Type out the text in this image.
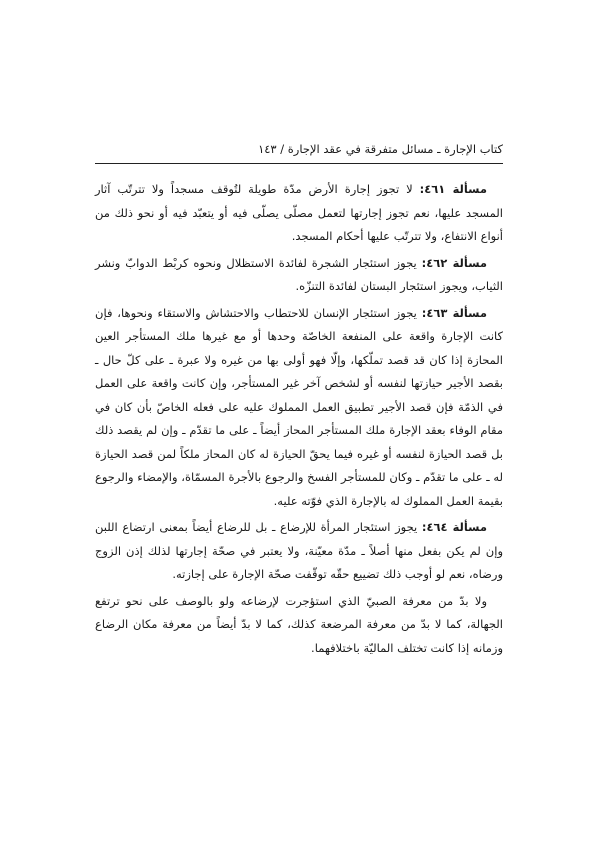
كتاب الإجارة ـ مسائل متفرقة في عقد الإجارة / ١٤٣

مسألة ٤٦١: لا تجوز إجارة الأرض مدّة طويلة لتُوقف مسجداً ولا تترتّب آثار المسجد عليها، نعم تجوز إجارتها لتعمل مصلّى يصلّى فيه أو يتعبّد فيه أو نحو ذلك من أنواع الانتفاع، ولا تترتّب عليها أحكام المسجد.

مسألة ٤٦٢: يجوز استئجار الشجرة لفائدة الاستظلال ونحوه كربْط الدوابّ ونشر الثياب، ويجوز استئجار البستان لفائدة التنزّه.

مسألة ٤٦٣: يجوز استئجار الإنسان للاحتطاب والاحتشاش والاستقاء ونحوها، فإن كانت الإجارة واقعة على المنفعة الخاصّة وحدها أو مع غيرها ملك المستأجر العين المحازة إذا كان قد قصد تملّكها، وإلّا فهو أولى بها من غيره ولا عبرة ـ على كلّ حال ـ بقصد الأجير حيازتها لنفسه أو لشخص آخر غير المستأجر، وإن كانت واقعة على العمل في الذمّة فإن قصد الأجير تطبيق العمل المملوك عليه على فعله الخاصّ بأن كان في مقام الوفاء بعقد الإجارة ملك المستأجر المحاز أيضاً ـ على ما تقدّم ـ وإن لم يقصد ذلك بل قصد الحيازة لنفسه أو غيره فيما يحقّ الحيازة له كان المحاز ملكاً لمن قصد الحيازة له ـ على ما تقدّم ـ وكان للمستأجر الفسخ والرجوع بالأجرة المسمّاة، والإمضاء والرجوع بقيمة العمل المملوك له بالإجارة الذي فوّته عليه.

مسألة ٤٦٤: يجوز استئجار المرأة للإرضاع ـ بل للرضاع أيضاً بمعنى ارتضاع اللبن وإن لم يكن بفعل منها أصلاً ـ مدّة معيّنة، ولا يعتبر في صحّة إجارتها لذلك إذن الزوج ورضاه، نعم لو أوجب ذلك تضييع حقّه توقّفت صحّة الإجارة على إجازته.

ولا بدّ من معرفة الصبيّ الذي استؤجرت لإرضاعه ولو بالوصف على نحو ترتفع الجهالة، كما لا بدّ من معرفة المرضعة كذلك، كما لا بدّ أيضاً من معرفة مكان الرضاع وزمانه إذا كانت تختلف الماليّة باختلافهما.
